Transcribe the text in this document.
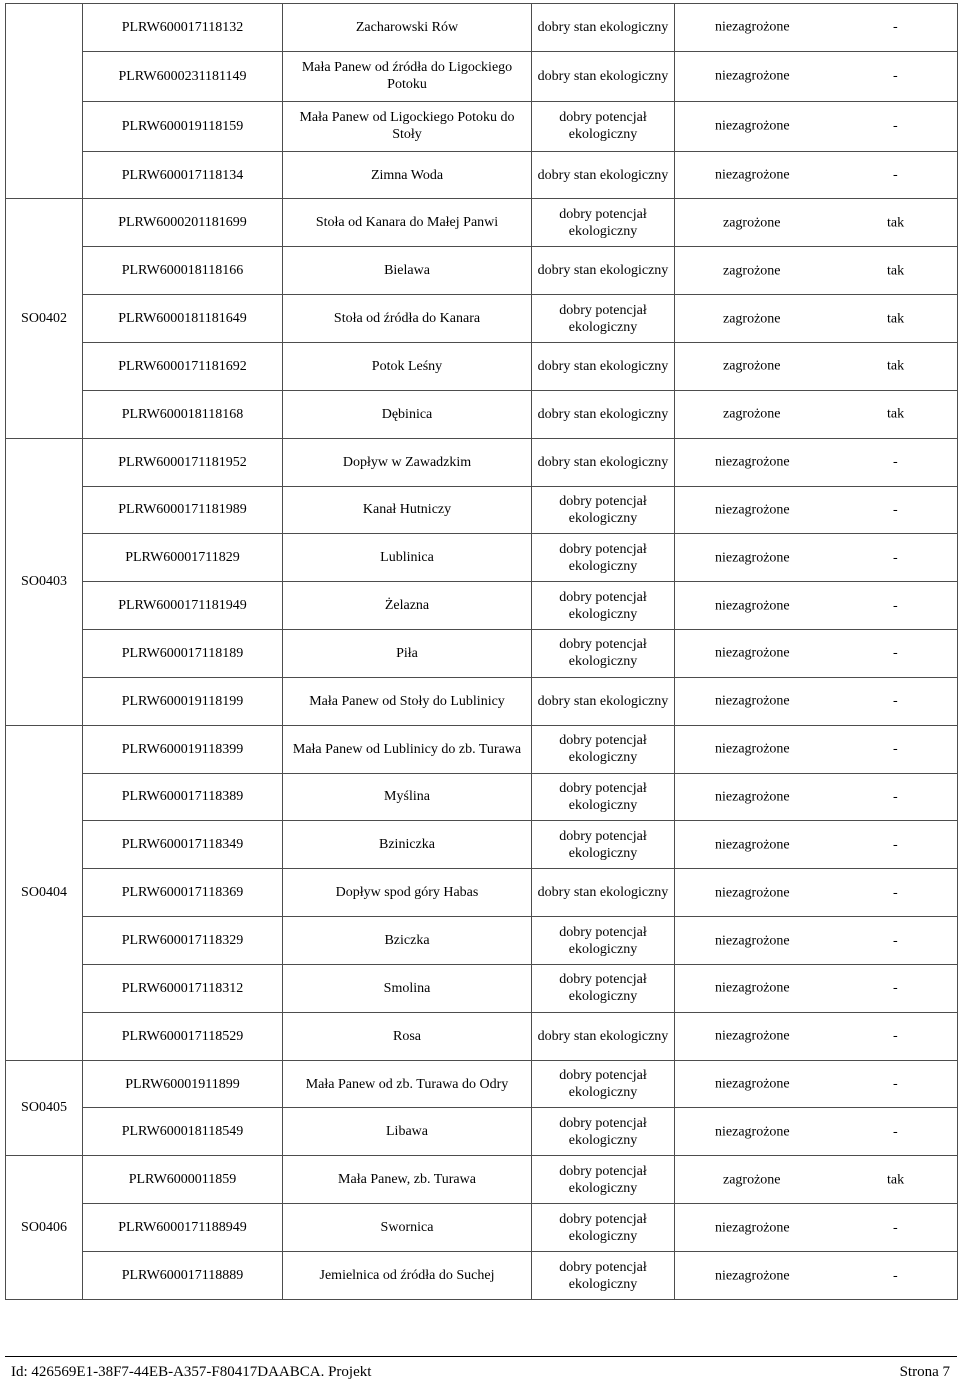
	PLRW600017118132	Zacharowski Rów	dobry stan ekologiczny	niezagrożone -

	PLRW6000231181149	Mała Panew od źródła do Ligockiego Potoku	dobry stan ekologiczny	niezagrożone -

	PLRW600019118159	Mała Panew od Ligockiego Potoku do Stoły	dobry potencjał ekologiczny	niezagrożone -

	PLRW600017118134	Zimna Woda	dobry stan ekologiczny	niezagrożone -

SO0402	PLRW6000201181699	Stoła od Kanara do Małej Panwi	dobry potencjał ekologiczny	zagrożone tak

	PLRW600018118166	Bielawa	dobry stan ekologiczny	zagrożone tak

	PLRW6000181181649	Stoła od źródła do Kanara	dobry potencjał ekologiczny	zagrożone tak

	PLRW6000171181692	Potok Leśny	dobry stan ekologiczny	zagrożone tak

	PLRW600018118168	Dębinica	dobry stan ekologiczny	zagrożone tak

SO0403	PLRW6000171181952	Dopływ w Zawadzkim	dobry stan ekologiczny	niezagrożone -

	PLRW6000171181989	Kanał Hutniczy	dobry potencjał ekologiczny	niezagrożone -

	PLRW60001711829	Lublinica	dobry potencjał ekologiczny	niezagrożone -

	PLRW6000171181949	Żelazna	dobry potencjał ekologiczny	niezagrożone -

	PLRW600017118189	Piła	dobry potencjał ekologiczny	niezagrożone -

	PLRW600019118199	Mała Panew od Stoły do Lublinicy	dobry stan ekologiczny	niezagrożone -

SO0404	PLRW600019118399	Mała Panew od Lublinicy do zb. Turawa	dobry potencjał ekologiczny	niezagrożone -

	PLRW600017118389	Myślina	dobry potencjał ekologiczny	niezagrożone -

	PLRW600017118349	Bziniczka	dobry potencjał ekologiczny	niezagrożone -

	PLRW600017118369	Dopływ spod góry Habas	dobry stan ekologiczny	niezagrożone -

	PLRW600017118329	Bziczka	dobry potencjał ekologiczny	niezagrożone -

	PLRW600017118312	Smolina	dobry potencjał ekologiczny	niezagrożone -

	PLRW600017118529	Rosa	dobry stan ekologiczny	niezagrożone -

SO0405	PLRW60001911899	Mała Panew od zb. Turawa do Odry	dobry potencjał ekologiczny	niezagrożone -

	PLRW600018118549	Libawa	dobry potencjał ekologiczny	niezagrożone -

SO0406	PLRW6000011859	Mała Panew, zb. Turawa	dobry potencjał ekologiczny	zagrożone tak

	PLRW6000171188949	Swornica	dobry potencjał ekologiczny	niezagrożone -

	PLRW600017118889	Jemielnica od źródła do Suchej	dobry potencjał ekologiczny	niezagrożone -
Id: 426569E1-38F7-44EB-A357-F80417DAABCA. Projekt	Strona 7
